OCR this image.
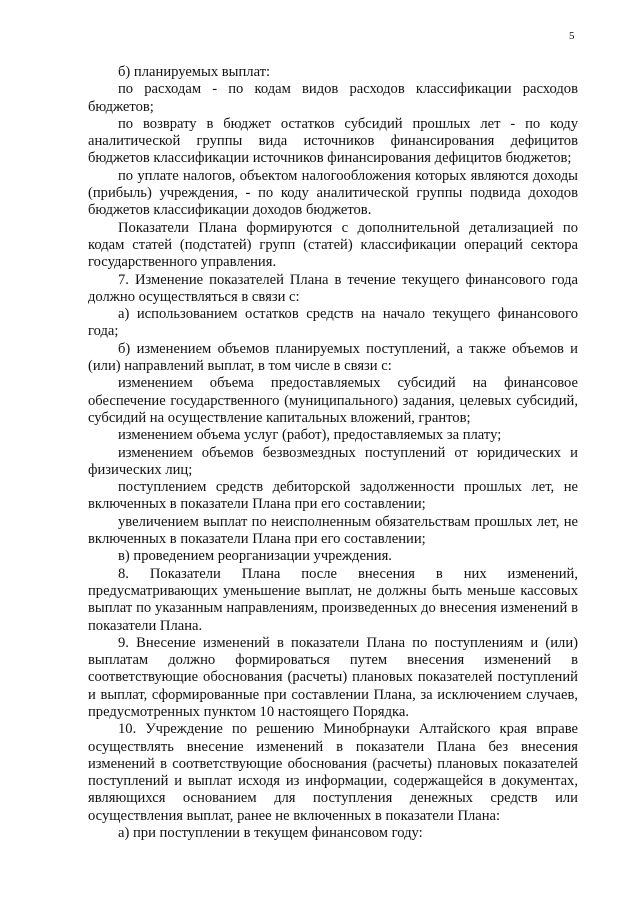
5

б) планируемых выплат:

по расходам - по кодам видов расходов классификации расходов бюджетов;

по возврату в бюджет остатков субсидий прошлых лет - по коду аналитической группы вида источников финансирования дефицитов бюджетов классификации источников финансирования дефицитов бюджетов;

по уплате налогов, объектом налогообложения которых являются доходы (прибыль) учреждения, - по коду аналитической группы подвида доходов бюджетов классификации доходов бюджетов.

Показатели Плана формируются с дополнительной детализацией по кодам статей (подстатей) групп (статей) классификации операций сектора государственного управления.

7. Изменение показателей Плана в течение текущего финансового года должно осуществляться в связи с:

а) использованием остатков средств на начало текущего финансового года;

б) изменением объемов планируемых поступлений, а также объемов и (или) направлений выплат, в том числе в связи с:

изменением объема предоставляемых субсидий на финансовое обеспечение государственного (муниципального) задания, целевых субсидий, субсидий на осуществление капитальных вложений, грантов;

изменением объема услуг (работ), предоставляемых за плату;

изменением объемов безвозмездных поступлений от юридических и физических лиц;

поступлением средств дебиторской задолженности прошлых лет, не включенных в показатели Плана при его составлении;

увеличением выплат по неисполненным обязательствам прошлых лет, не включенных в показатели Плана при его составлении;

в) проведением реорганизации учреждения.

8. Показатели Плана после внесения в них изменений, предусматривающих уменьшение выплат, не должны быть меньше кассовых выплат по указанным направлениям, произведенных до внесения изменений в показатели Плана.

9. Внесение изменений в показатели Плана по поступлениям и (или) выплатам должно формироваться путем внесения изменений в соответствующие обоснования (расчеты) плановых показателей поступлений и выплат, сформированные при составлении Плана, за исключением случаев, предусмотренных пунктом 10 настоящего Порядка.

10. Учреждение по решению Минобрнауки Алтайского края вправе осуществлять внесение изменений в показатели Плана без внесения изменений в соответствующие обоснования (расчеты) плановых показателей поступлений и выплат исходя из информации, содержащейся в документах, являющихся основанием для поступления денежных средств или осуществления выплат, ранее не включенных в показатели Плана:

а) при поступлении в текущем финансовом году:
